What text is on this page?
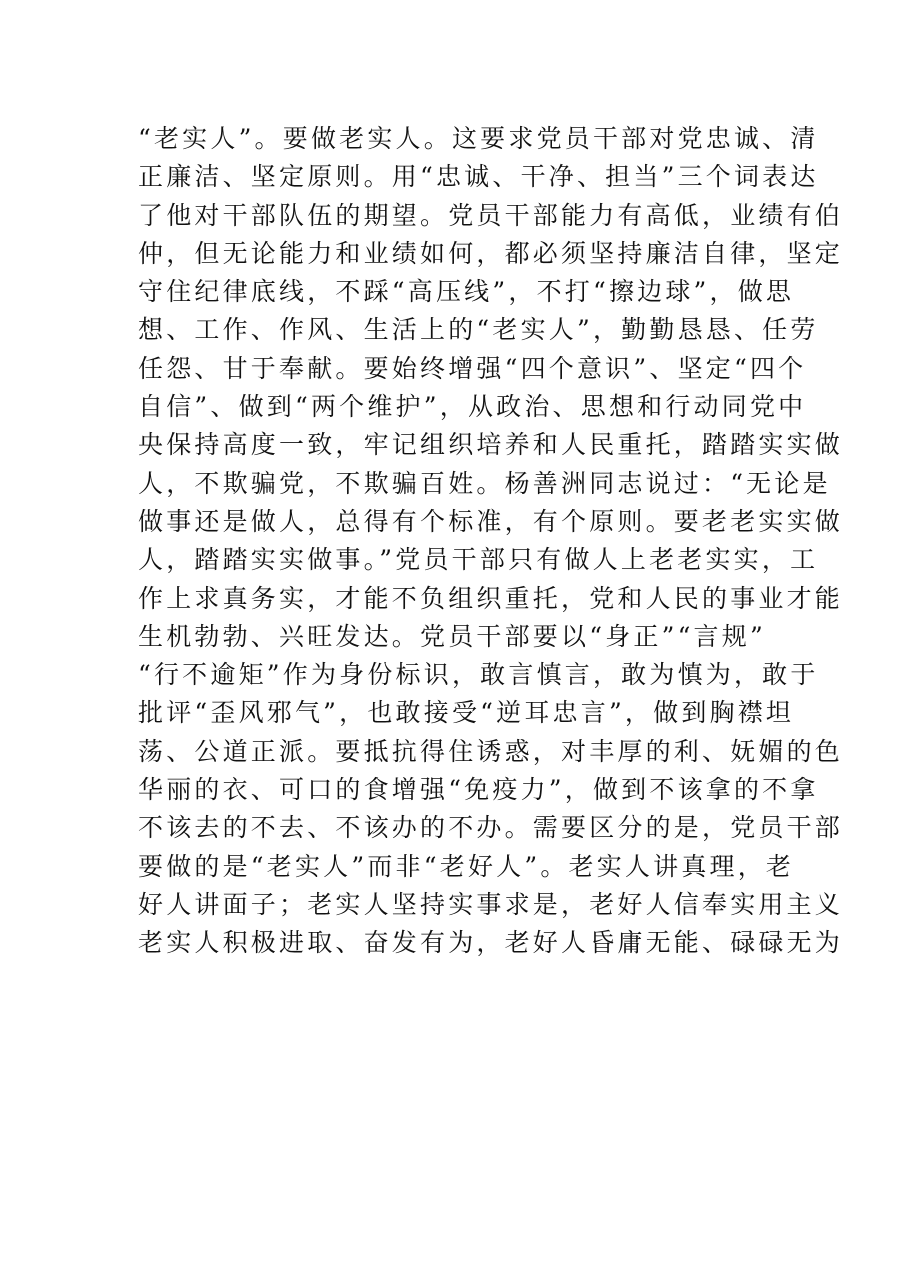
“老实人”。要做老实人。这要求党员干部对党忠诚、清
正廉洁、坚定原则。用“忠诚、干净、担当”三个词表达
了他对干部队伍的期望。党员干部能力有高低，业绩有伯
仲，但无论能力和业绩如何，都必须坚持廉洁自律，坚定
守住纪律底线，不踩“高压线”，不打“擦边球”，做思
想、工作、作风、生活上的“老实人”，勤勤恳恳、任劳
任怨、甘于奉献。要始终增强“四个意识”、坚定“四个
自信”、做到“两个维护”，从政治、思想和行动同党中
央保持高度一致，牢记组织培养和人民重托，踏踏实实做
人，不欺骗党，不欺骗百姓。杨善洲同志说过：“无论是
做事还是做人，总得有个标准，有个原则。要老老实实做
人，踏踏实实做事。”党员干部只有做人上老老实实，工
作上求真务实，才能不负组织重托，党和人民的事业才能
生机勃勃、兴旺发达。党员干部要以“身正”“言规”
“行不逾矩”作为身份标识，敢言慎言，敢为慎为，敢于
批评“歪风邪气”，也敢接受“逆耳忠言”，做到胸襟坦
荡、公道正派。要抵抗得住诱惑，对丰厚的利、妩媚的色
华丽的衣、可口的食增强“免疫力”，做到不该拿的不拿
不该去的不去、不该办的不办。需要区分的是，党员干部
要做的是“老实人”而非“老好人”。老实人讲真理，老
好人讲面子；老实人坚持实事求是，老好人信奉实用主义
老实人积极进取、奋发有为，老好人昏庸无能、碌碌无为
